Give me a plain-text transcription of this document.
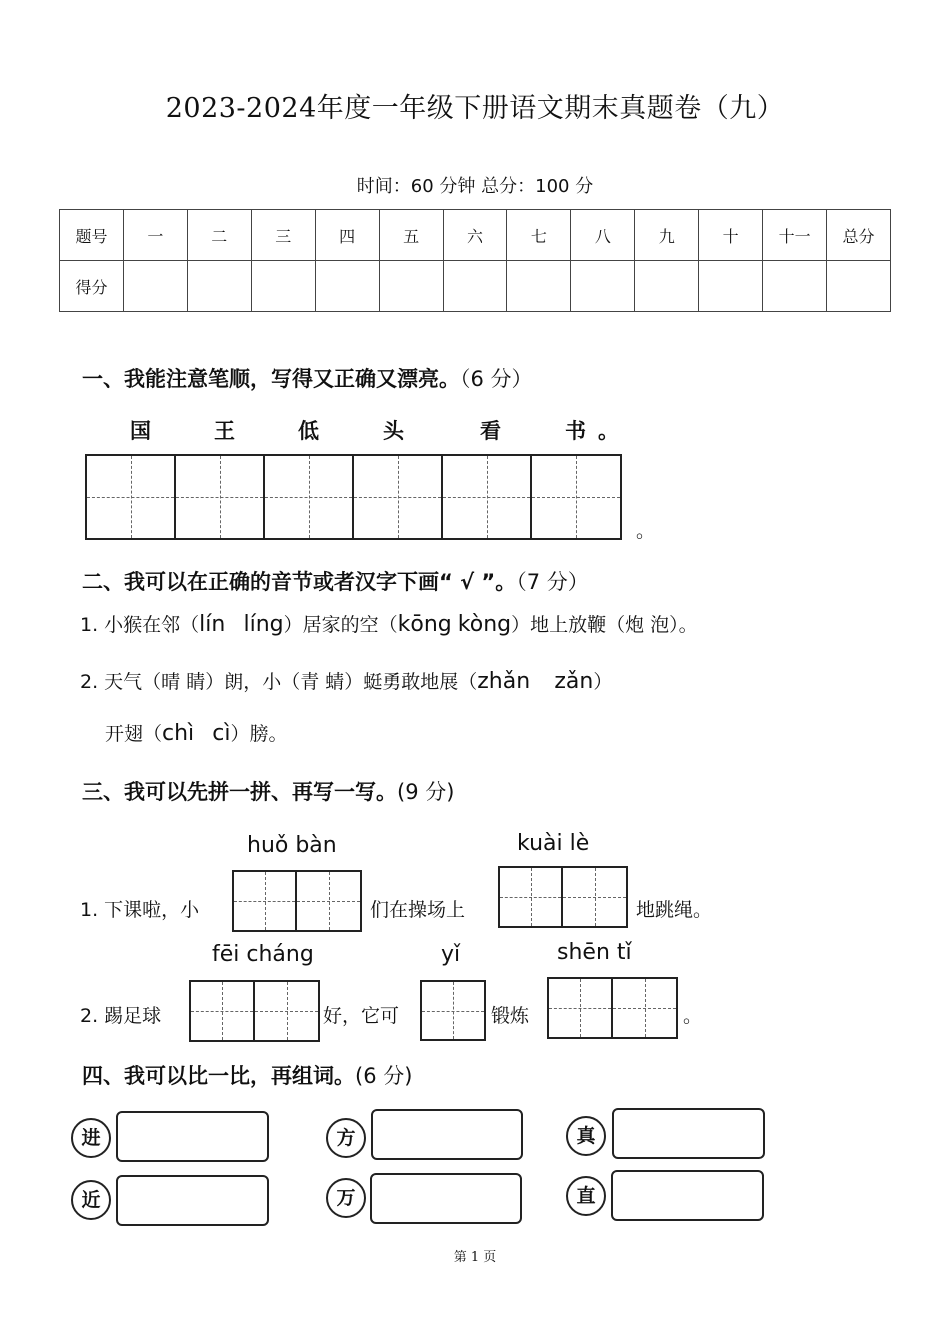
2023-2024年度一年级下册语文期末真题卷（九）
时间：60 分钟 总分：100 分
题号	一	二	三	四	五	六	七	八	九	十	十一	总分
得分												
一、我能注意笔顺，写得又正确又漂亮。（6 分）
国	王	低	头	看	书 。
。
二、我可以在正确的音节或者汉字下画“ √ ”。（7 分）
1. 小猴在邻（lín líng）居家的空（kōng kòng）地上放鞭（炮 泡）。
2. 天气（晴 睛）朗，小（青 蜻）蜓勇敢地展（zhǎn zǎn）
开翅（chì cì）膀。
三、我可以先拼一拼、再写一写。(9 分)
huǒ bàn	kuài lè
1. 下课啦，小	们在操场上	地跳绳。
fēi cháng	yǐ	shēn tǐ
2. 踢足球	好，它可	锻炼	。
四、我可以比一比，再组词。(6 分)
进	方	真
近	万	直
第 1 页
